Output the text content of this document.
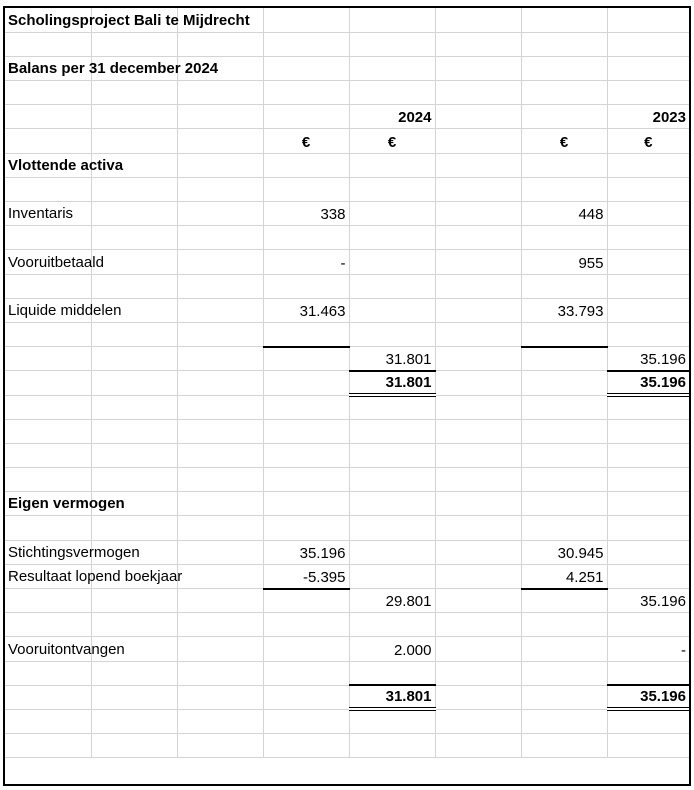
Scholingsproject Bali te Mijdrecht							

Balans per 31 december 2024							

				2024			2023
			€	€		€	€

Vlottende activa							

Inventaris			338			448	

Vooruitbetaald			-			955	

Liquide middelen			31.463			33.793	

				31.801			35.196
				31.801			35.196

Eigen vermogen							

Stichtingsvermogen			35.196			30.945	

Resultaat lopend boekjaar			-5.395			4.251	
				29.801			35.196

Vooruitontvangen				2.000			-

				31.801			35.196
